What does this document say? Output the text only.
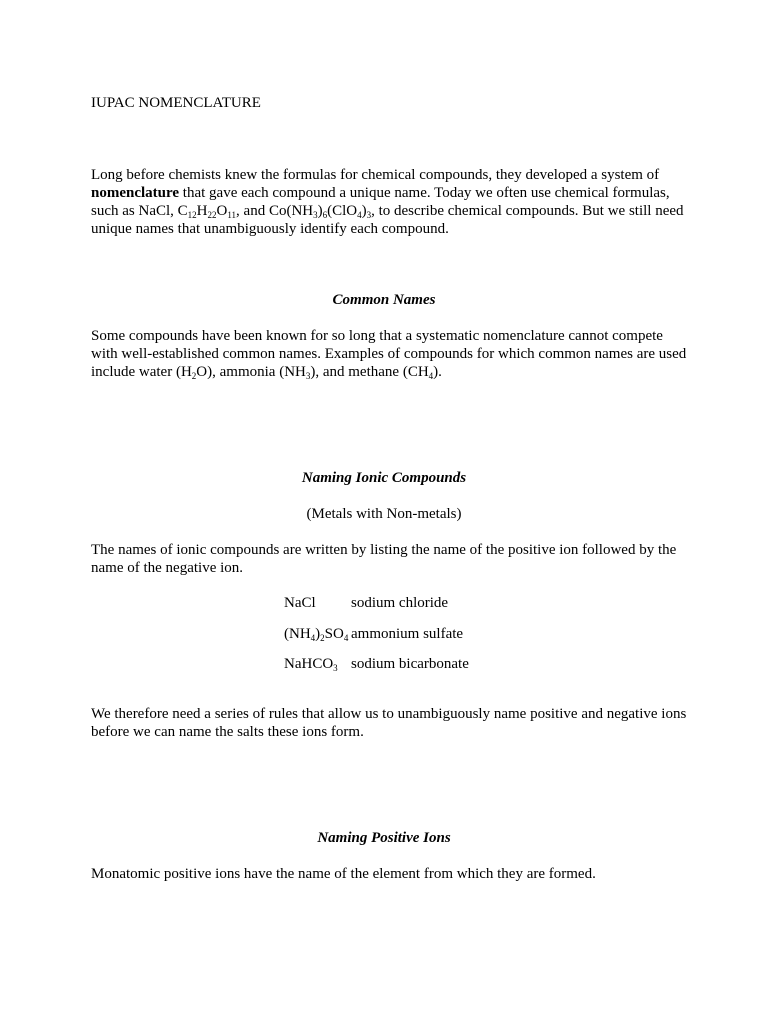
IUPAC NOMENCLATURE

Long before chemists knew the formulas for chemical compounds, they developed a system of
nomenclature that gave each compound a unique name. Today we often use chemical formulas, such as NaCl, $C_{12}H_{22}O_{11}$, and $Co(NH_3)_6(ClO_4)_3$, to describe chemical compounds. But we still need unique names that unambiguously identify each compound.

Common Names

Some compounds have been known for so long that a systematic nomenclature cannot compete with well-established common names. Examples of compounds for which common names are used include water $(H_2O)$, ammonia $(NH_3)$, and methane $(CH_4)$.

Naming Ionic Compounds
(Metals with Non-metals)

The names of ionic compounds are written by listing the name of the positive ion followed by the name of the negative ion.

NaCl	sodium chloride
$(NH_4)_2SO_4$	ammonium sulfate
NaHCO$_3$	sodium bicarbonate

We therefore need a series of rules that allow us to unambiguously name positive and negative ions before we can name the salts these ions form.

Naming Positive Ions

Monatomic positive ions have the name of the element from which they are formed.
